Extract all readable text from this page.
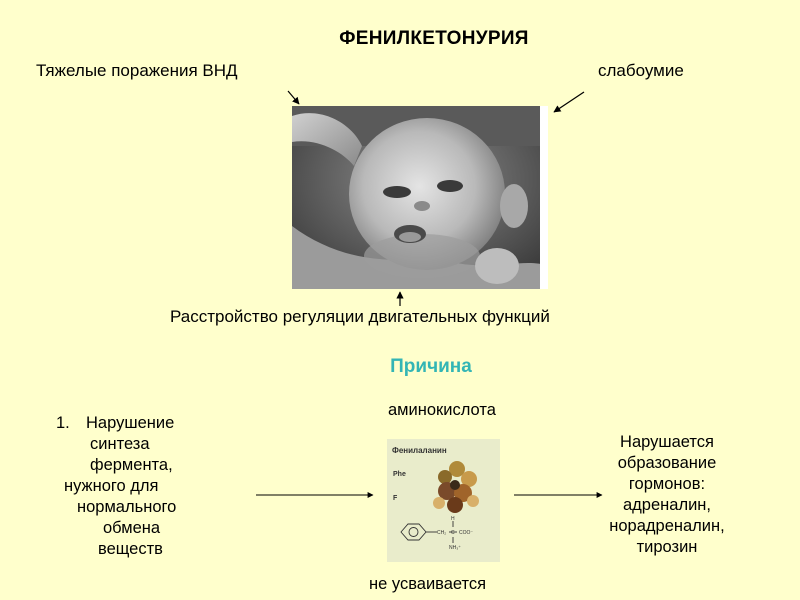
ФЕНИЛКЕТОНУРИЯ
Тяжелые поражения ВНД	слабоумие
Расстройство регуляции двигательных функций
Причина
1. Нарушение
синтеза
фермента,
нужного для
нормального
обмена
веществ
аминокислота
Фенилаланин
Phe
F
CH₂ C COO⁻
H
NH₃⁺
не усваивается
Нарушается
образование
гормонов:
адреналин,
норадреналин,
тирозин
